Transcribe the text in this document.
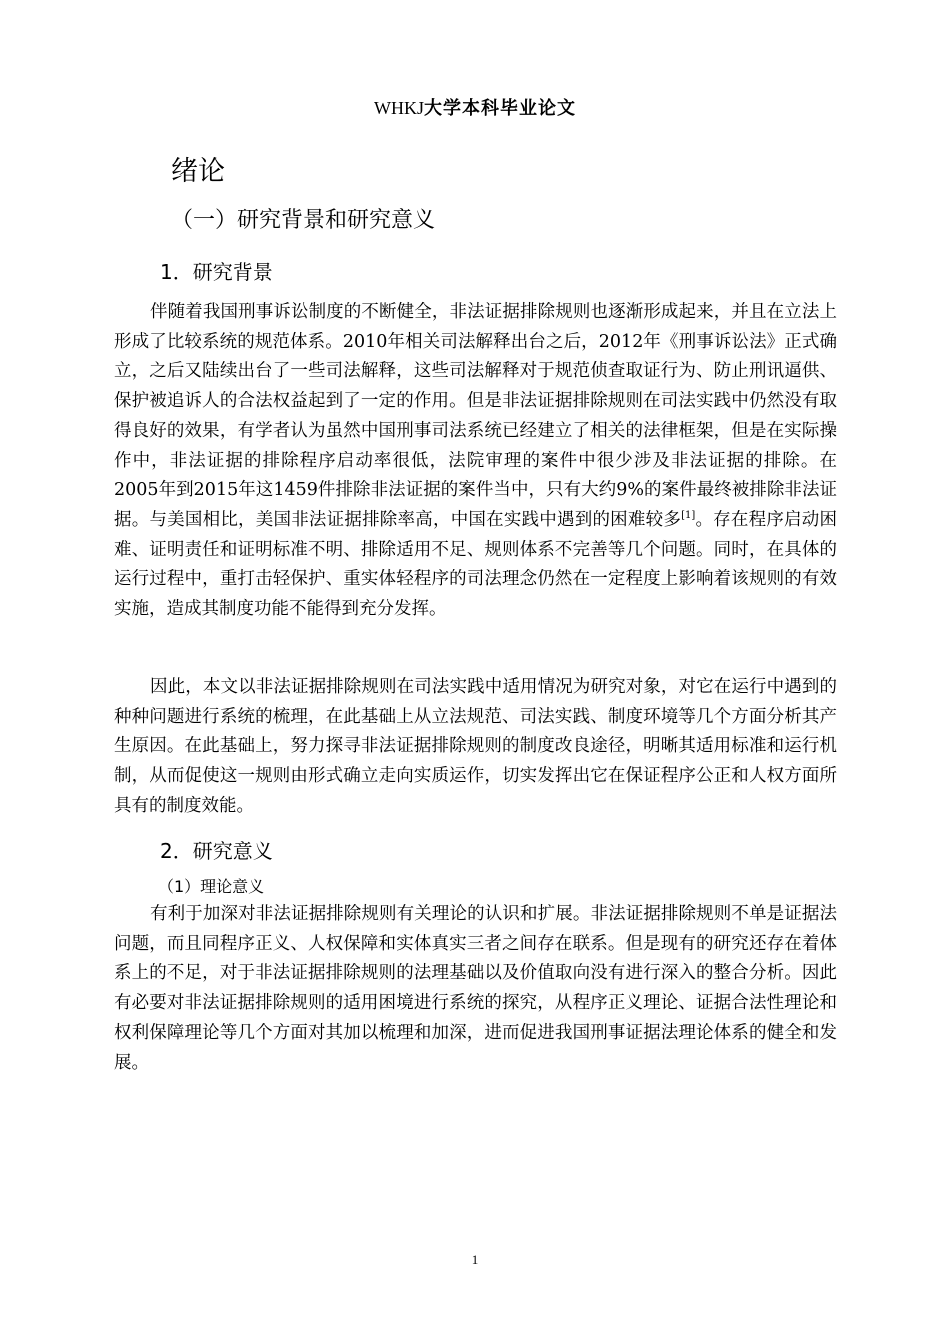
WHKJ大学本科毕业论文
绪论
（一）研究背景和研究意义
1．研究背景

伴随着我国刑事诉讼制度的不断健全，非法证据排除规则也逐渐形成起来，并且在立法上形成了比较系统的规范体系。2010年相关司法解释出台之后，2012年《刑事诉讼法》正式确立，之后又陆续出台了一些司法解释，这些司法解释对于规范侦查取证行为、防止刑讯逼供、保护被追诉人的合法权益起到了一定的作用。但是非法证据排除规则在司法实践中仍然没有取得良好的效果，有学者认为虽然中国刑事司法系统已经建立了相关的法律框架，但是在实际操作中，非法证据的排除程序启动率很低，法院审理的案件中很少涉及非法证据的排除。在2005年到2015年这1459件排除非法证据的案件当中，只有大约9%的案件最终被排除非法证据。与美国相比，美国非法证据排除率高，中国在实践中遇到的困难较多[1]。存在程序启动困难、证明责任和证明标准不明、排除适用不足、规则体系不完善等几个问题。同时，在具体的运行过程中，重打击轻保护、重实体轻程序的司法理念仍然在一定程度上影响着该规则的有效实施，造成其制度功能不能得到充分发挥。

因此，本文以非法证据排除规则在司法实践中适用情况为研究对象，对它在运行中遇到的种种问题进行系统的梳理，在此基础上从立法规范、司法实践、制度环境等几个方面分析其产生原因。在此基础上，努力探寻非法证据排除规则的制度改良途径，明晰其适用标准和运行机制，从而促使这一规则由形式确立走向实质运作，切实发挥出它在保证程序公正和人权方面所具有的制度效能。

2．研究意义
（1）理论意义

有利于加深对非法证据排除规则有关理论的认识和扩展。非法证据排除规则不单是证据法问题，而且同程序正义、人权保障和实体真实三者之间存在联系。但是现有的研究还存在着体系上的不足，对于非法证据排除规则的法理基础以及价值取向没有进行深入的整合分析。因此有必要对非法证据排除规则的适用困境进行系统的探究，从程序正义理论、证据合法性理论和权利保障理论等几个方面对其加以梳理和加深，进而促进我国刑事证据法理论体系的健全和发展。

1
